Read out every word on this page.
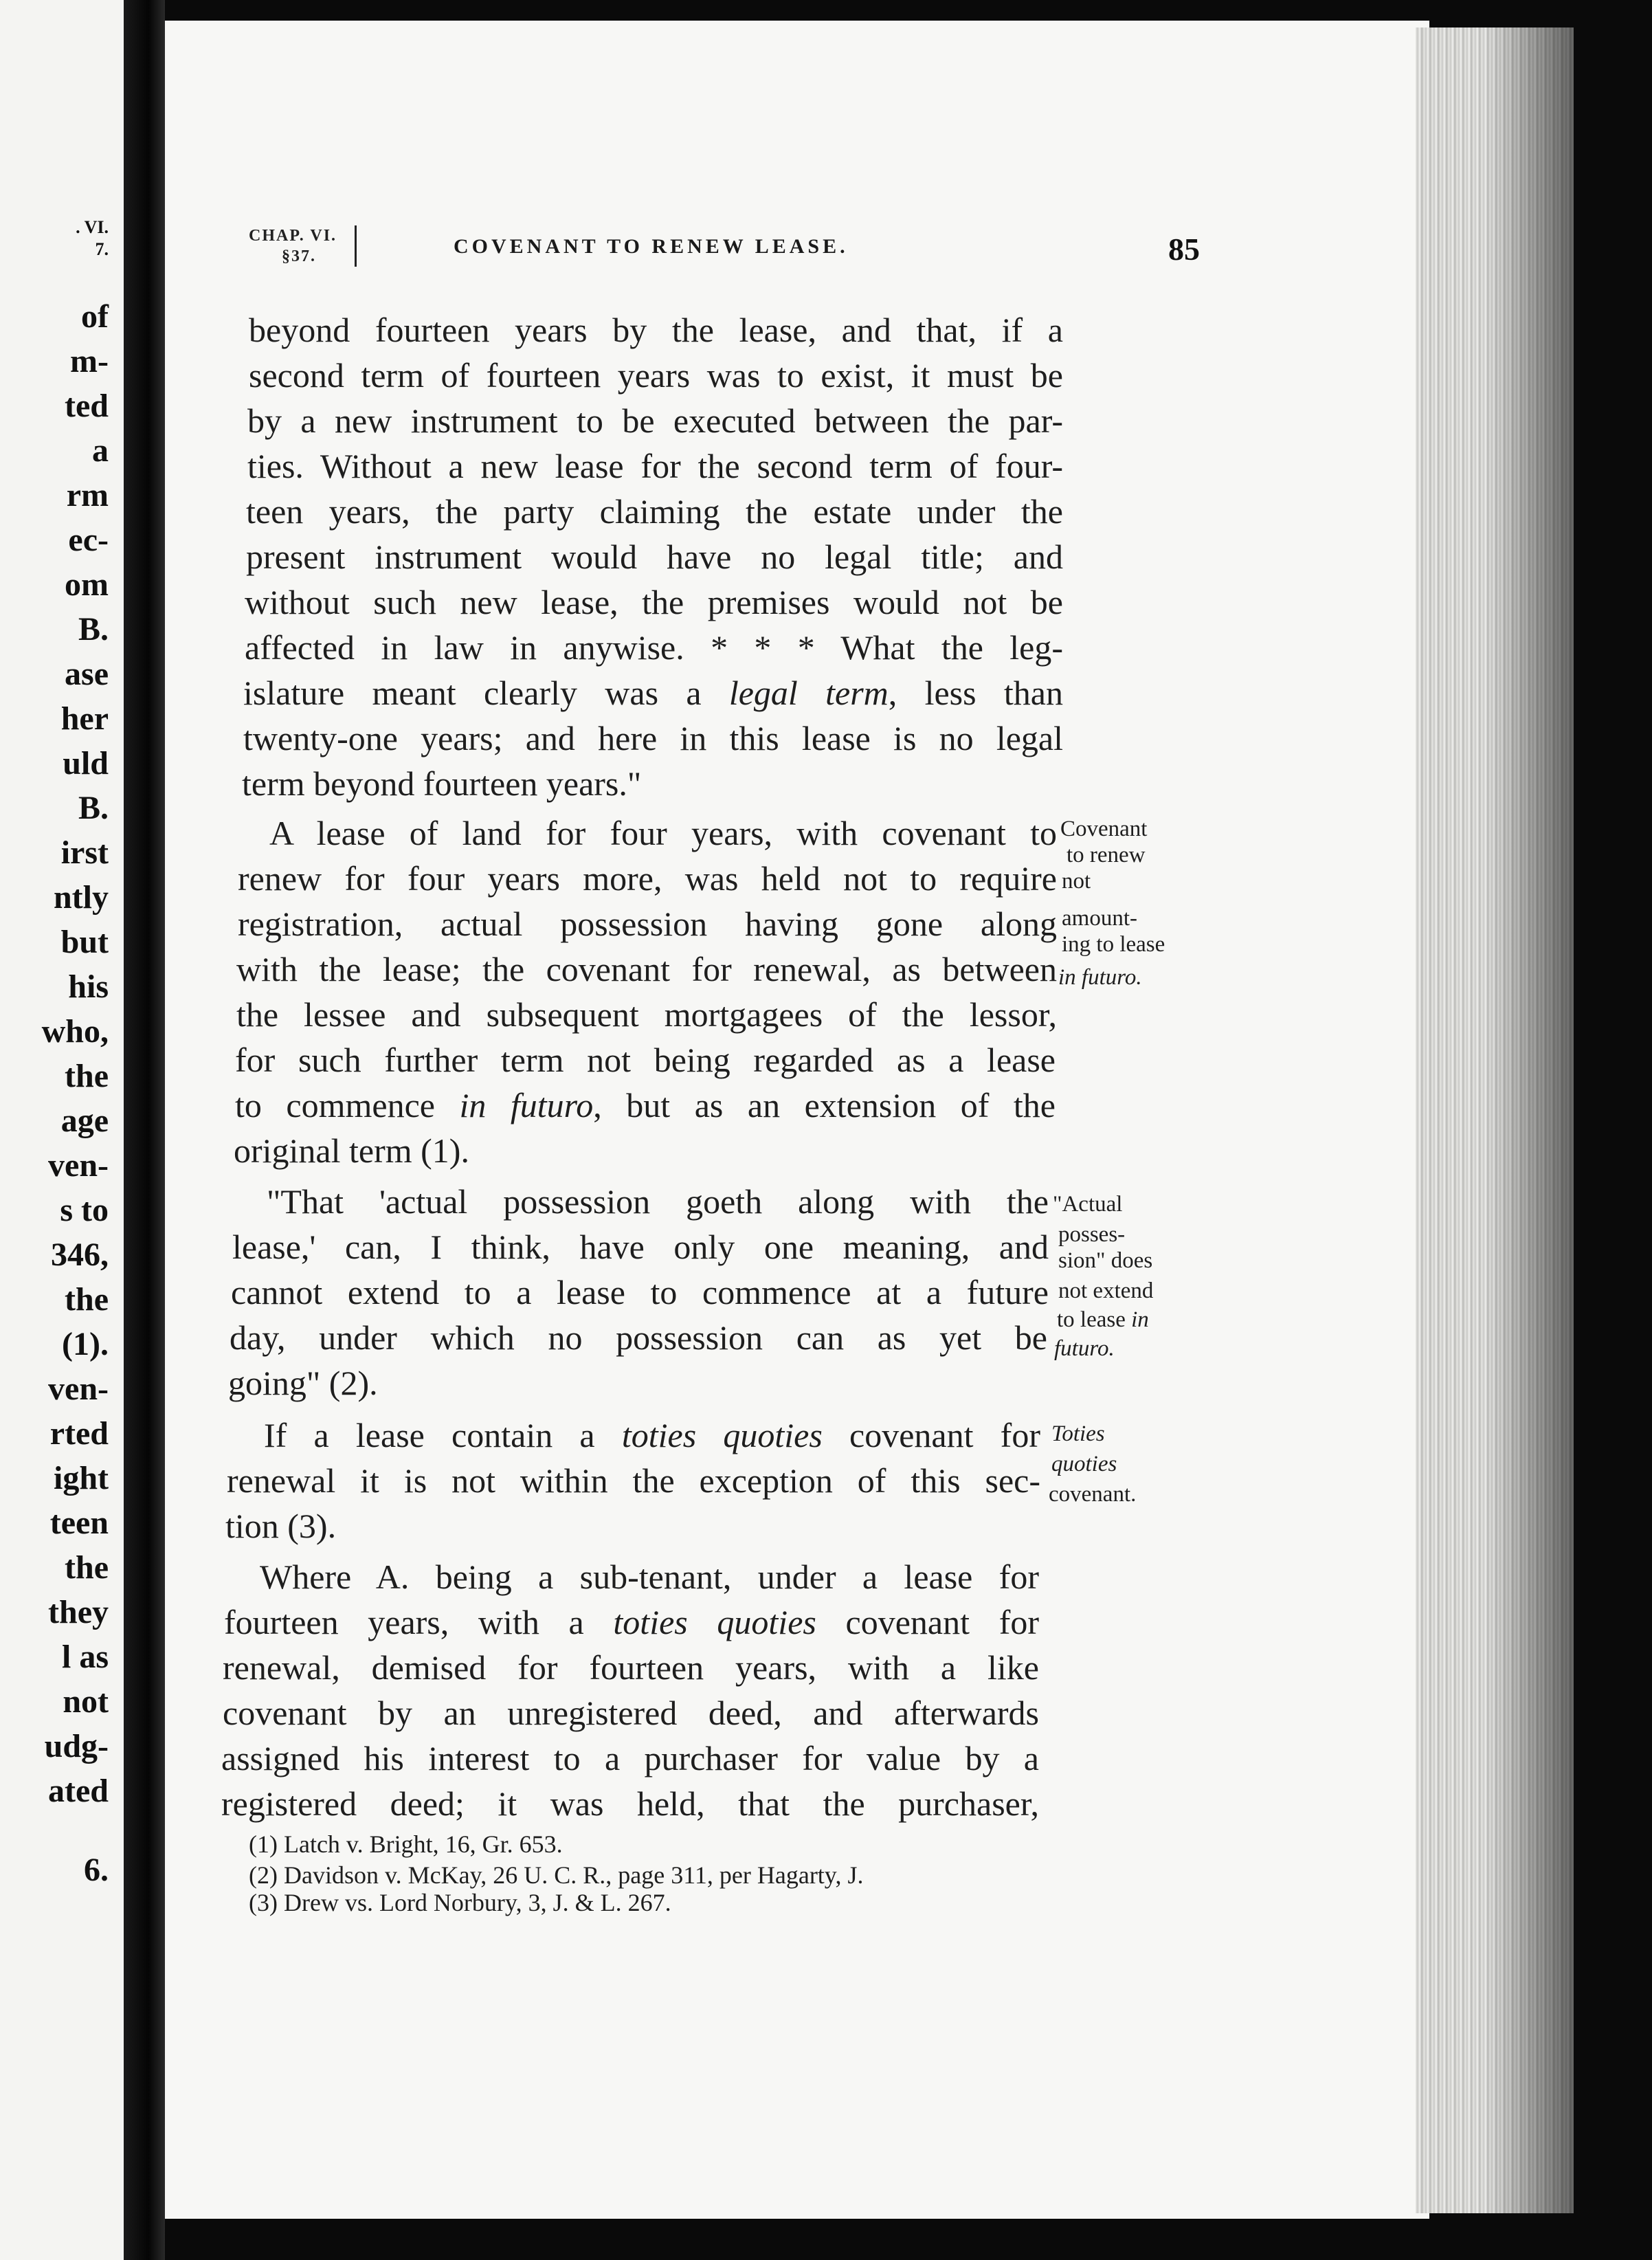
. VI.
7.
of
m-
ted
a
rm
ec-
om
B.
ase
her
uld
B.
irst
ntly
but
his
who,
the
age
ven-
s to
346,
the
(1).
ven-
rted
ight
teen
the
they
l as
not
udg-
ated
6.
CHAP. VI.
§37.	COVENANT TO RENEW LEASE.	85
beyond fourteen years by the lease, and that, if a
second term of fourteen years was to exist, it must be
by a new instrument to be executed between the par-
ties. Without a new lease for the second term of four-
teen years, the party claiming the estate under the
present instrument would have no legal title; and
without such new lease, the premises would not be
affected in law in anywise. * * * What the leg-
islature meant clearly was a legal term, less than
twenty-one years; and here in this lease is no legal
term beyond fourteen years."
A lease of land for four years, with covenant to
renew for four years more, was held not to require
registration, actual possession having gone along
with the lease; the covenant for renewal, as between
the lessee and subsequent mortgagees of the lessor,
for such further term not being regarded as a lease
to commence in futuro, but as an extension of the
original term (1).
"That 'actual possession goeth along with the
lease,' can, I think, have only one meaning, and
cannot extend to a lease to commence at a future
day, under which no possession can as yet be
going" (2).
If a lease contain a toties quoties covenant for
renewal it is not within the exception of this sec-
tion (3).
Where A. being a sub-tenant, under a lease for
fourteen years, with a toties quoties covenant for
renewal, demised for fourteen years, with a like
covenant by an unregistered deed, and afterwards
assigned his interest to a purchaser for value by a
registered deed; it was held, that the purchaser,
Covenant
to renew
not
amount-
ing to lease
in futuro.
"Actual
posses-
sion" does
not extend
to lease in
futuro.
Toties
quoties
covenant.
(1) Latch v. Bright, 16, Gr. 653.
(2) Davidson v. McKay, 26 U. C. R., page 311, per Hagarty, J.
(3) Drew vs. Lord Norbury, 3, J. & L. 267.
